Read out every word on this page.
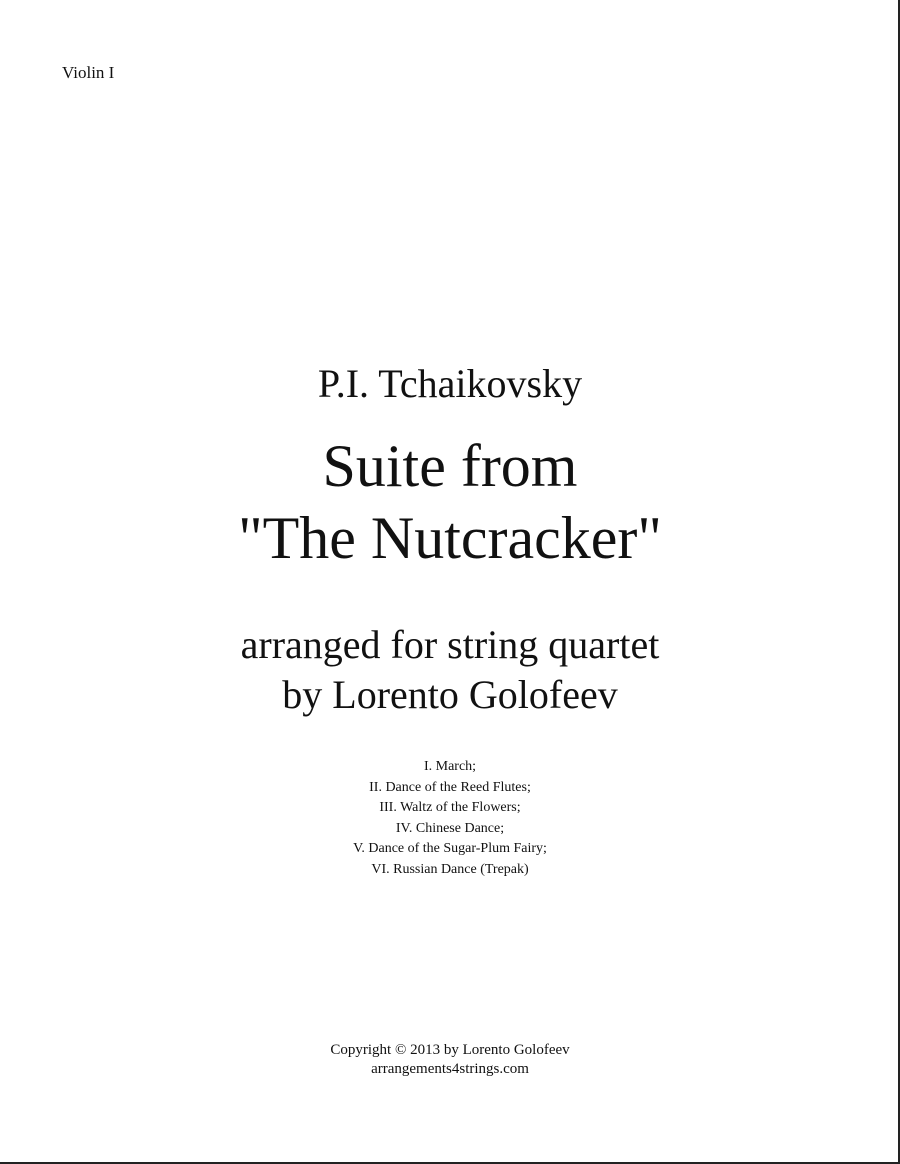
Violin I
P.I. Tchaikovsky
Suite from
"The Nutcracker"
arranged for string quartet
by Lorento Golofeev
I. March;
II. Dance of the Reed Flutes;
III. Waltz of the Flowers;
IV. Chinese Dance;
V. Dance of the Sugar-Plum Fairy;
VI. Russian Dance (Trepak)
Copyright © 2013 by Lorento Golofeev
arrangements4strings.com
